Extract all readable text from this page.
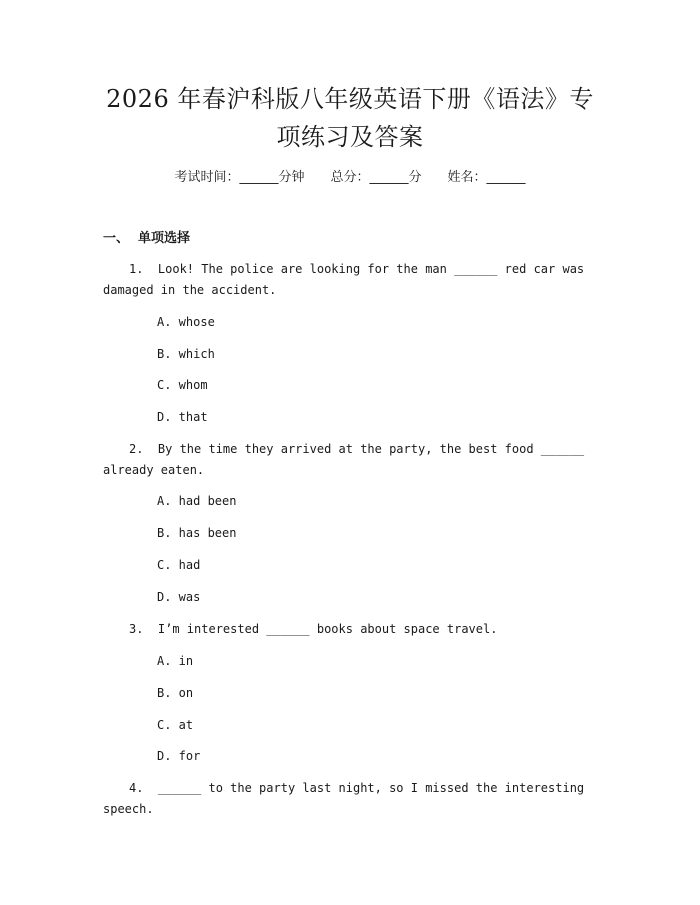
2026 年春沪科版八年级英语下册《语法》专
项练习及答案
考试时间：______分钟 总分：______分 姓名：______
一、  单项选择
1.  Look! The police are looking for the man ______ red car was
damaged in the accident.
A. whose
B. which
C. whom
D. that
2.  By the time they arrived at the party, the best food ______
already eaten.
A. had been
B. has been
C. had
D. was
3.  I’m interested ______ books about space travel.
A. in
B. on
C. at
D. for
4.  ______ to the party last night, so I missed the interesting
speech.
